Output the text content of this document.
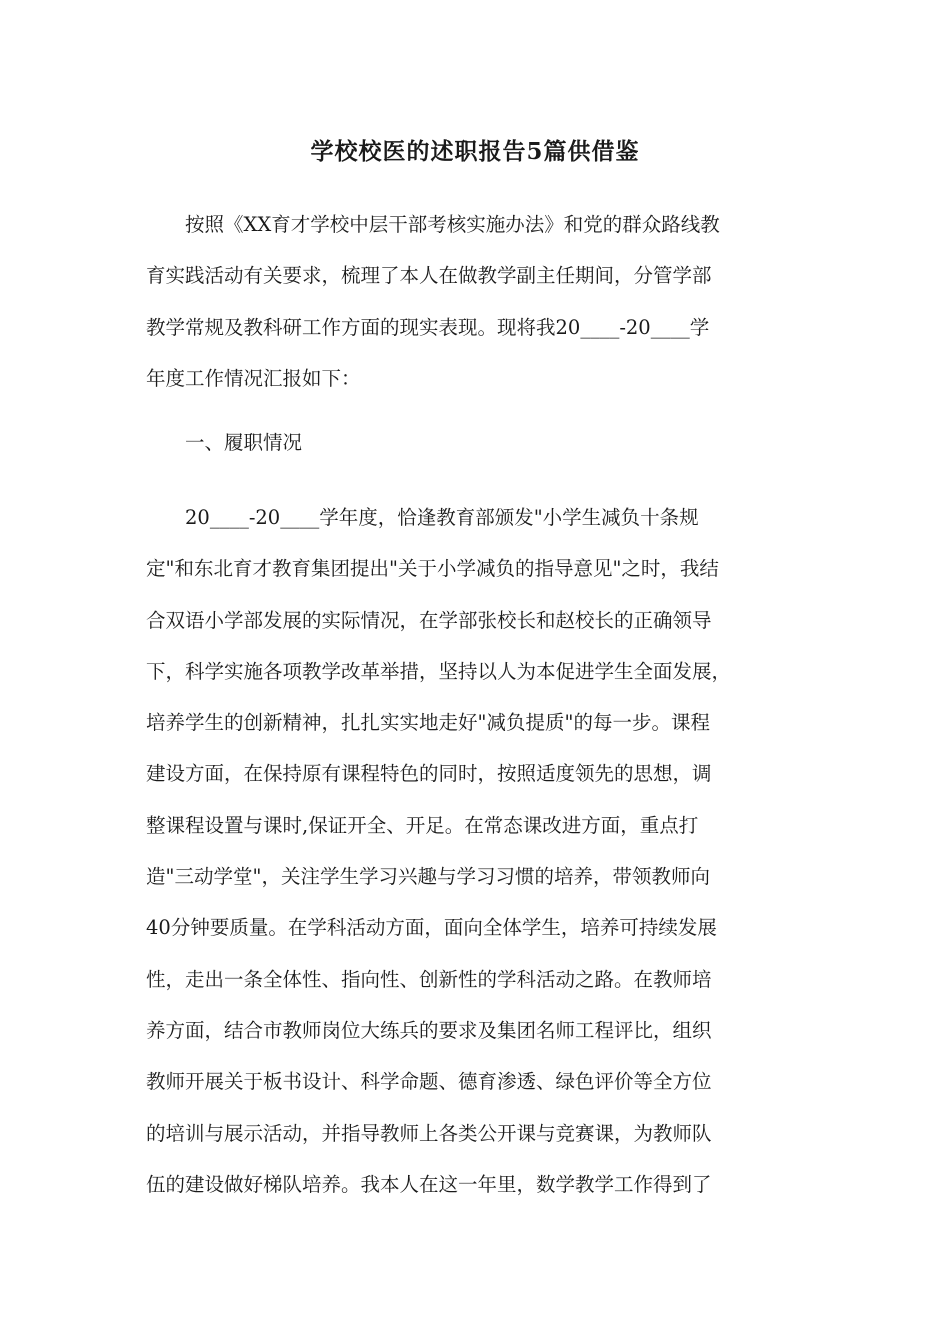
学校校医的述职报告5篇供借鉴
按照《XX育才学校中层干部考核实施办法》和党的群众路线教
育实践活动有关要求，梳理了本人在做教学副主任期间，分管学部
教学常规及教科研工作方面的现实表现。现将我20____-20____学
年度工作情况汇报如下：
一、履职情况
20____-20____学年度，恰逢教育部颁发"小学生减负十条规
定"和东北育才教育集团提出"关于小学减负的指导意见"之时，我结
合双语小学部发展的实际情况，在学部张校长和赵校长的正确领导
下，科学实施各项教学改革举措，坚持以人为本促进学生全面发展，
培养学生的创新精神，扎扎实实地走好"减负提质"的每一步。课程
建设方面，在保持原有课程特色的同时，按照适度领先的思想，调
整课程设置与课时,保证开全、开足。在常态课改进方面，重点打
造"三动学堂"，关注学生学习兴趣与学习习惯的培养，带领教师向
40分钟要质量。在学科活动方面，面向全体学生，培养可持续发展
性，走出一条全体性、指向性、创新性的学科活动之路。在教师培
养方面，结合市教师岗位大练兵的要求及集团名师工程评比，组织
教师开展关于板书设计、科学命题、德育渗透、绿色评价等全方位
的培训与展示活动，并指导教师上各类公开课与竞赛课，为教师队
伍的建设做好梯队培养。我本人在这一年里，数学教学工作得到了
